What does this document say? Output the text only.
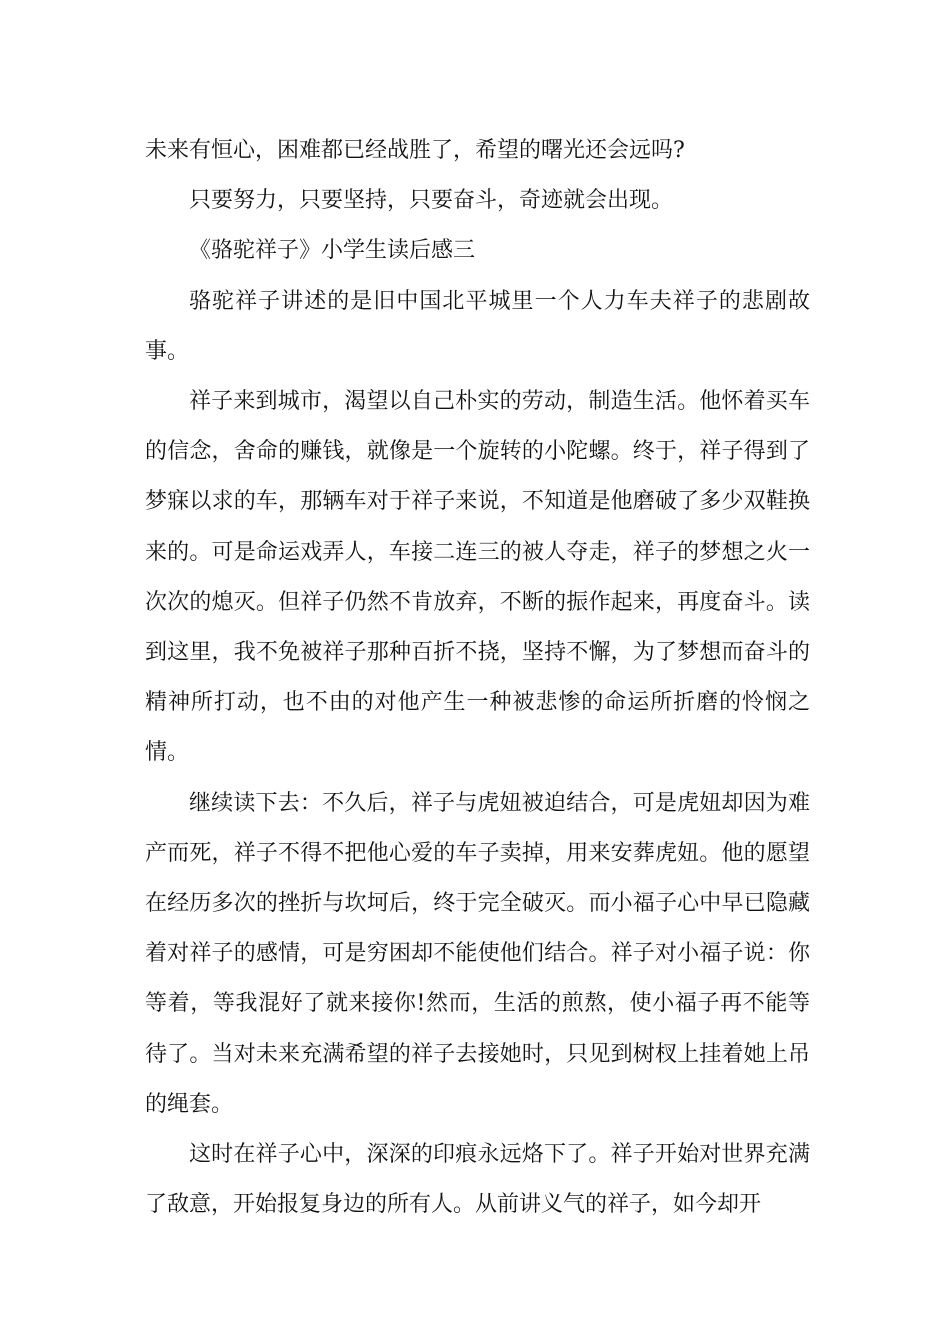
未来有恒心，困难都已经战胜了，希望的曙光还会远吗?

只要努力，只要坚持，只要奋斗，奇迹就会出现。

《骆驼祥子》小学生读后感三

骆驼祥子讲述的是旧中国北平城里一个人力车夫祥子的悲剧故事。

祥子来到城市，渴望以自己朴实的劳动，制造生活。他怀着买车的信念，舍命的赚钱，就像是一个旋转的小陀螺。终于，祥子得到了梦寐以求的车，那辆车对于祥子来说，不知道是他磨破了多少双鞋换来的。可是命运戏弄人，车接二连三的被人夺走，祥子的梦想之火一次次的熄灭。但祥子仍然不肯放弃，不断的振作起来，再度奋斗。读到这里，我不免被祥子那种百折不挠，坚持不懈，为了梦想而奋斗的精神所打动，也不由的对他产生一种被悲惨的命运所折磨的怜悯之情。

继续读下去：不久后，祥子与虎妞被迫结合，可是虎妞却因为难产而死，祥子不得不把他心爱的车子卖掉，用来安葬虎妞。他的愿望在经历多次的挫折与坎坷后，终于完全破灭。而小福子心中早已隐藏着对祥子的感情，可是穷困却不能使他们结合。祥子对小福子说：你等着，等我混好了就来接你!然而，生活的煎熬，使小福子再不能等待了。当对未来充满希望的祥子去接她时，只见到树杈上挂着她上吊的绳套。

这时在祥子心中，深深的印痕永远烙下了。祥子开始对世界充满了敌意，开始报复身边的所有人。从前讲义气的祥子，如今却开
